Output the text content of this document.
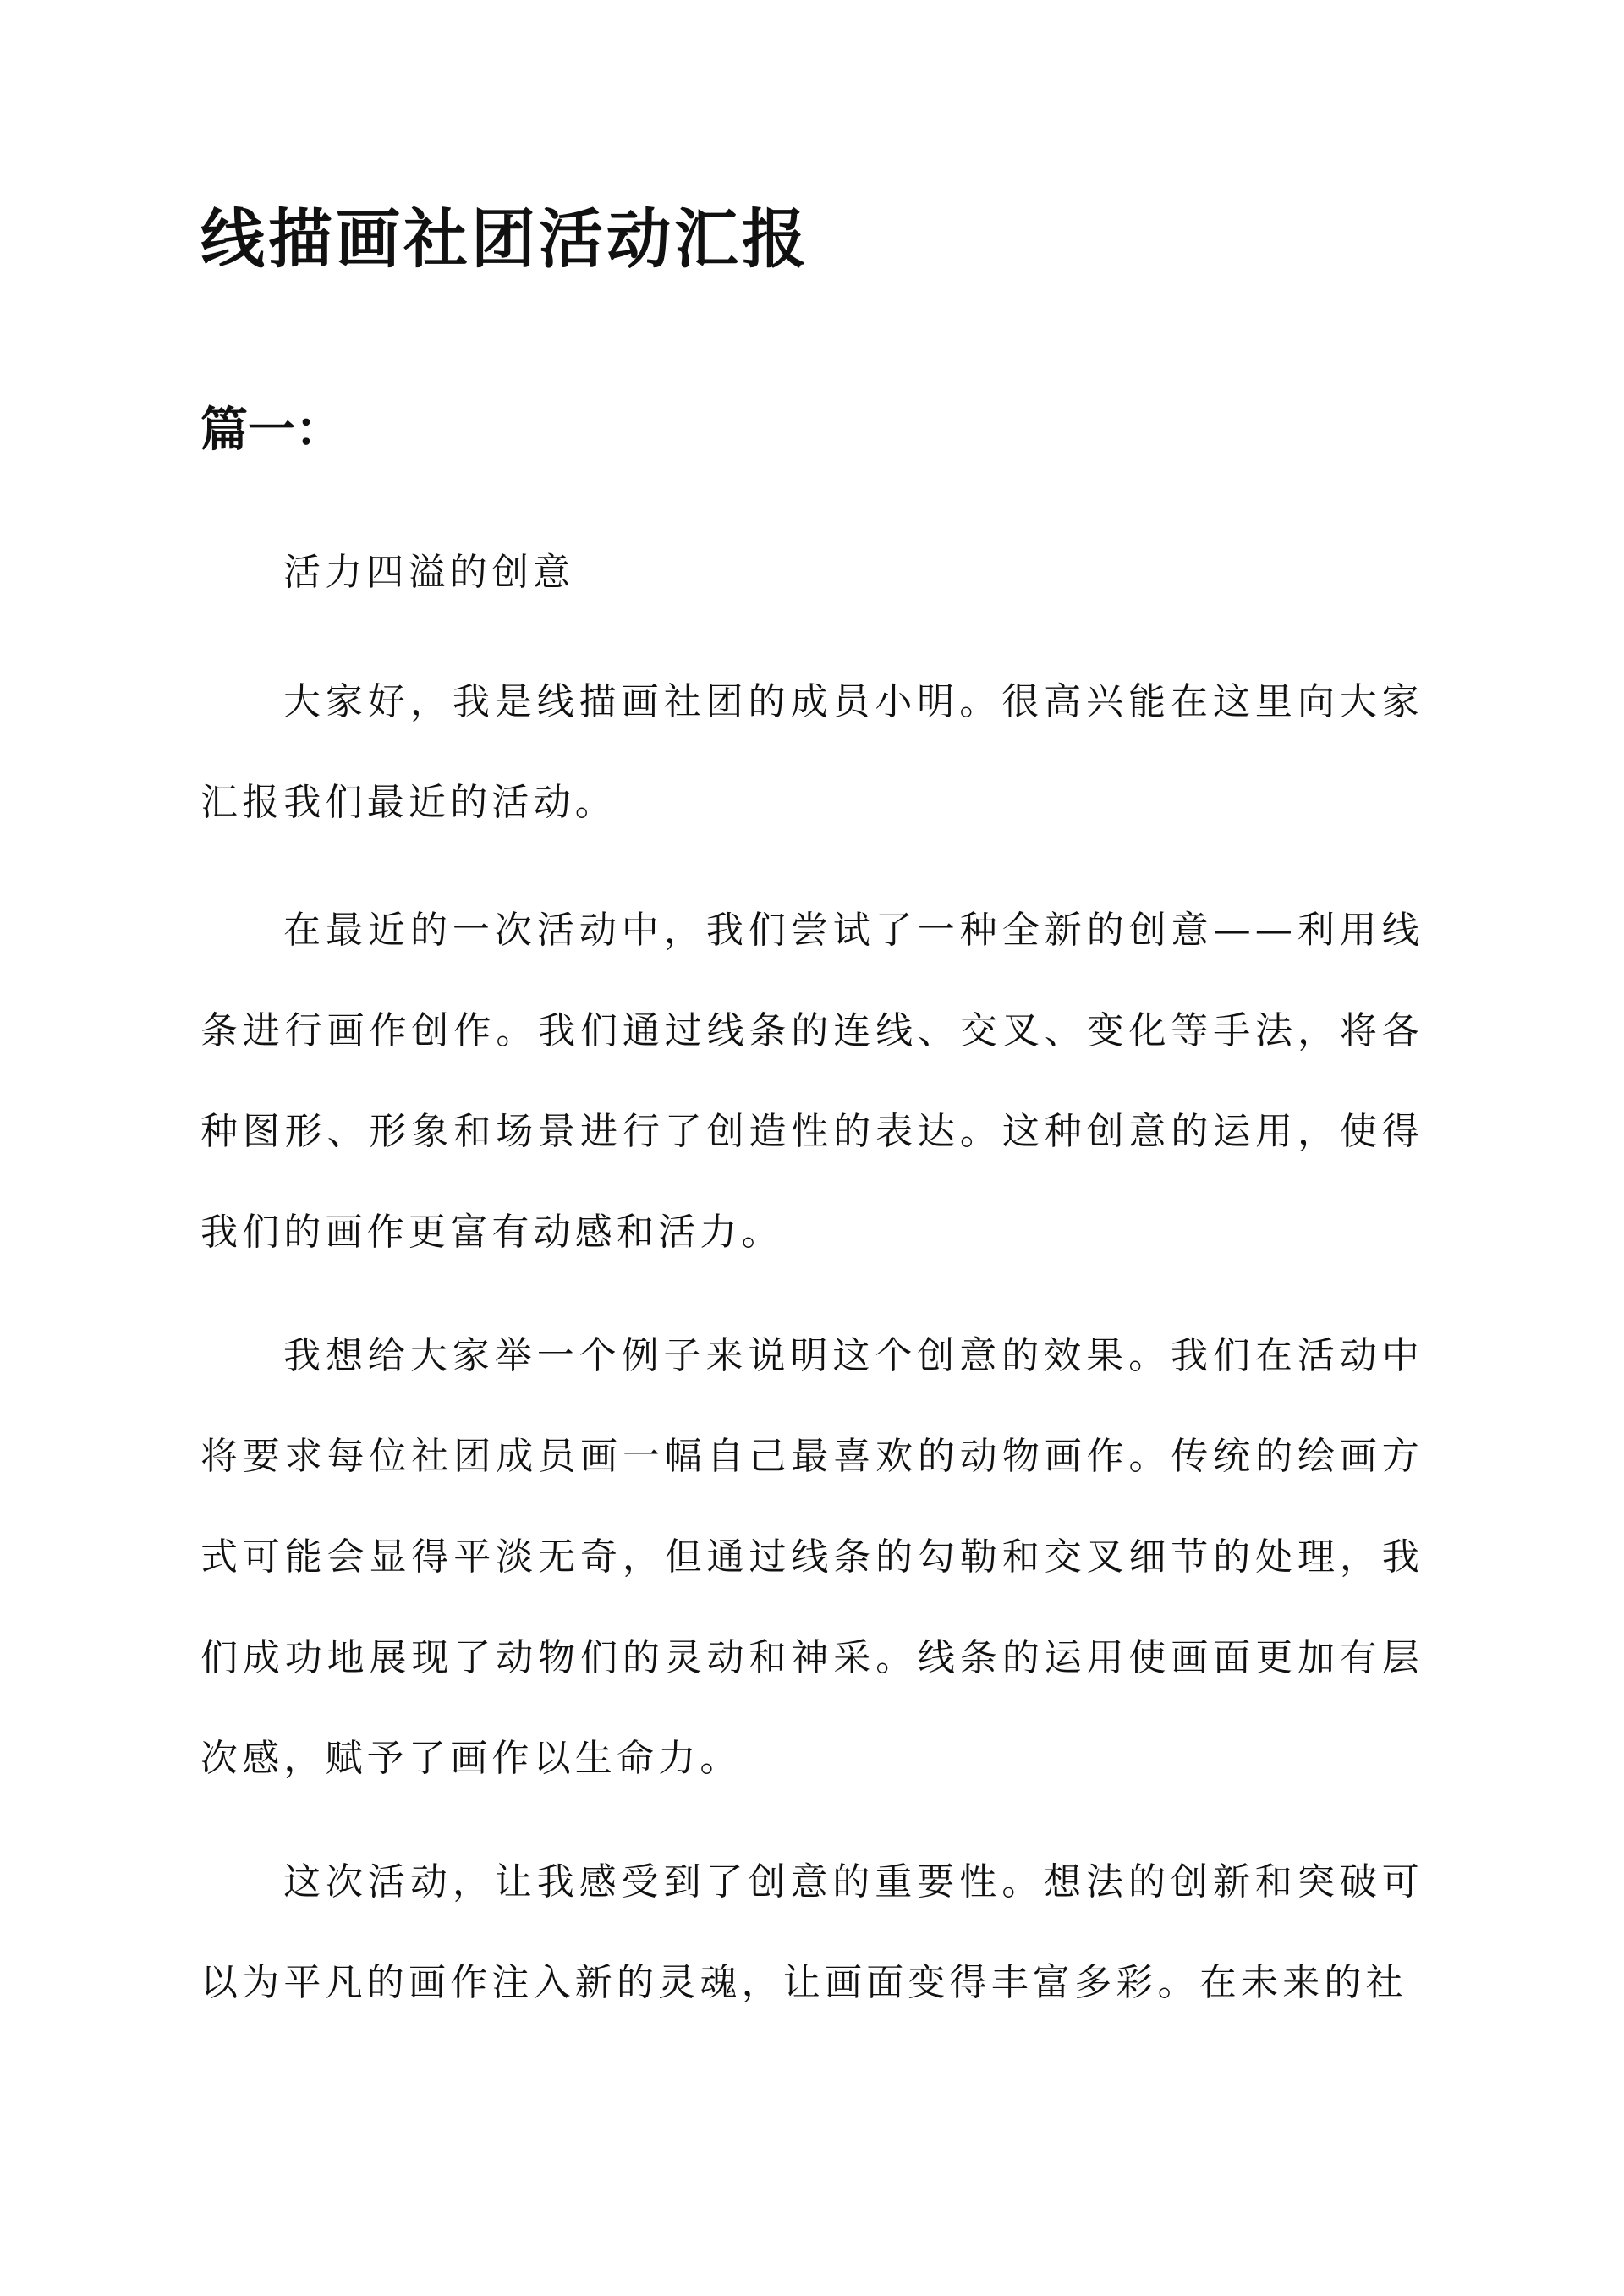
线描画社团活动汇报
篇一：

活力四溢的创意

大家好，我是线描画社团的成员小明。很高兴能在这里向大家汇报我们最近的活动。

在最近的一次活动中，我们尝试了一种全新的创意——利用线条进行画作创作。我们通过线条的连线、交叉、变化等手法，将各种图形、形象和场景进行了创造性的表达。这种创意的运用，使得我们的画作更富有动感和活力。

我想给大家举一个例子来说明这个创意的效果。我们在活动中将要求每位社团成员画一幅自己最喜欢的动物画作。传统的绘画方式可能会显得平淡无奇，但通过线条的勾勒和交叉细节的处理，我们成功地展现了动物们的灵动和神采。线条的运用使画面更加有层次感，赋予了画作以生命力。

这次活动，让我感受到了创意的重要性。想法的创新和突破可以为平凡的画作注入新的灵魂，让画面变得丰富多彩。在未来的社
